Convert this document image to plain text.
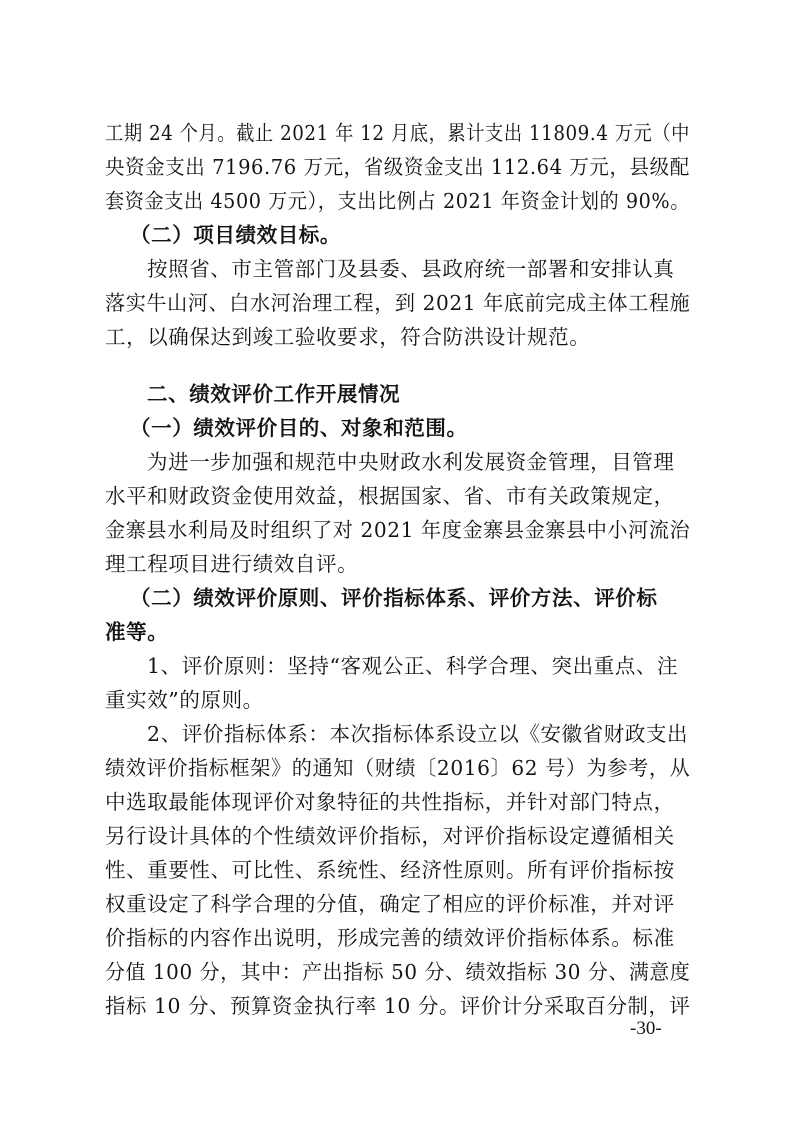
工期 24 个月。截止 2021 年 12 月底，累计支出 11809.4 万元（中
央资金支出 7196.76 万元，省级资金支出 112.64 万元，县级配
套资金支出 4500 万元），支出比例占 2021 年资金计划的 90%。
（二）项目绩效目标。
按照省、市主管部门及县委、县政府统一部署和安排认真
落实牛山河、白水河治理工程，到 2021 年底前完成主体工程施
工，以确保达到竣工验收要求，符合防洪设计规范。
二、绩效评价工作开展情况
（一）绩效评价目的、对象和范围。
为进一步加强和规范中央财政水利发展资金管理，目管理
水平和财政资金使用效益，根据国家、省、市有关政策规定，
金寨县水利局及时组织了对 2021 年度金寨县金寨县中小河流治
理工程项目进行绩效自评。
（二）绩效评价原则、评价指标体系、评价方法、评价标
准等。
1、评价原则：坚持“客观公正、科学合理、突出重点、注
重实效”的原则。
2、评价指标体系：本次指标体系设立以《安徽省财政支出
绩效评价指标框架》的通知（财绩〔2016〕62 号）为参考，从
中选取最能体现评价对象特征的共性指标，并针对部门特点，
另行设计具体的个性绩效评价指标，对评价指标设定遵循相关
性、重要性、可比性、系统性、经济性原则。所有评价指标按
权重设定了科学合理的分值，确定了相应的评价标准，并对评
价指标的内容作出说明，形成完善的绩效评价指标体系。标准
分值 100 分，其中：产出指标 50 分、绩效指标 30 分、满意度
指标 10 分、预算资金执行率 10 分。评价计分采取百分制，评
-30-
